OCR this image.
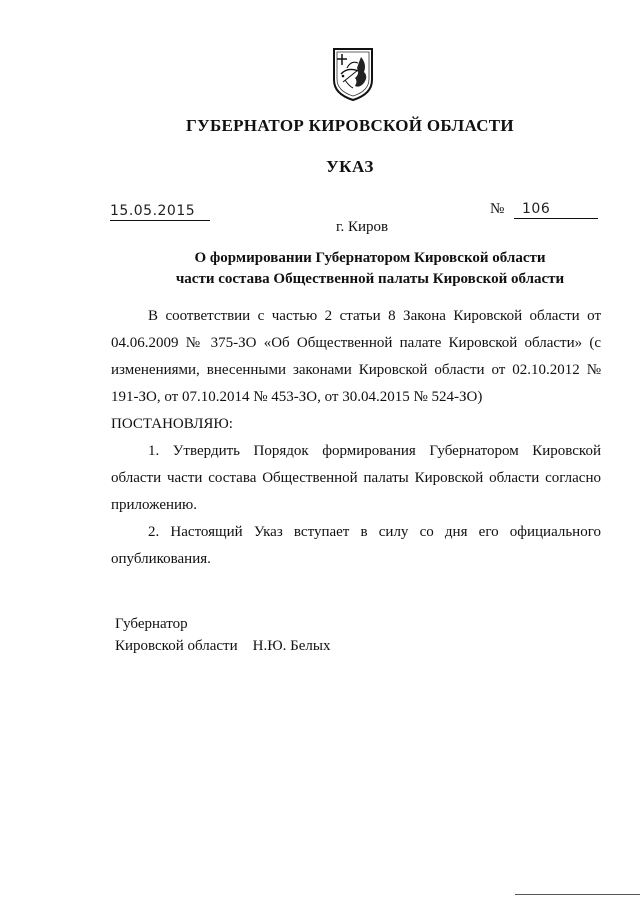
ГУБЕРНАТОР КИРОВСКОЙ ОБЛАСТИ
УКАЗ
15.05.2015	№ 106
г. Киров
О формировании Губернатором Кировской области
части состава Общественной палаты Кировской области

В соответствии с частью 2 статьи 8 Закона Кировской области от 04.06.2009 № 375-ЗО «Об Общественной палате Кировской области» (с изменениями, внесенными законами Кировской области от 02.10.2012 № 191-ЗО, от 07.10.2014 № 453-ЗО, от 30.04.2015 № 524-ЗО)

ПОСТАНОВЛЯЮ:

1. Утвердить Порядок формирования Губернатором Кировской области части состава Общественной палаты Кировской области согласно приложению.

2. Настоящий Указ вступает в силу со дня его официального опубликования.

Губернатор
Кировской области Н.Ю. Белых
